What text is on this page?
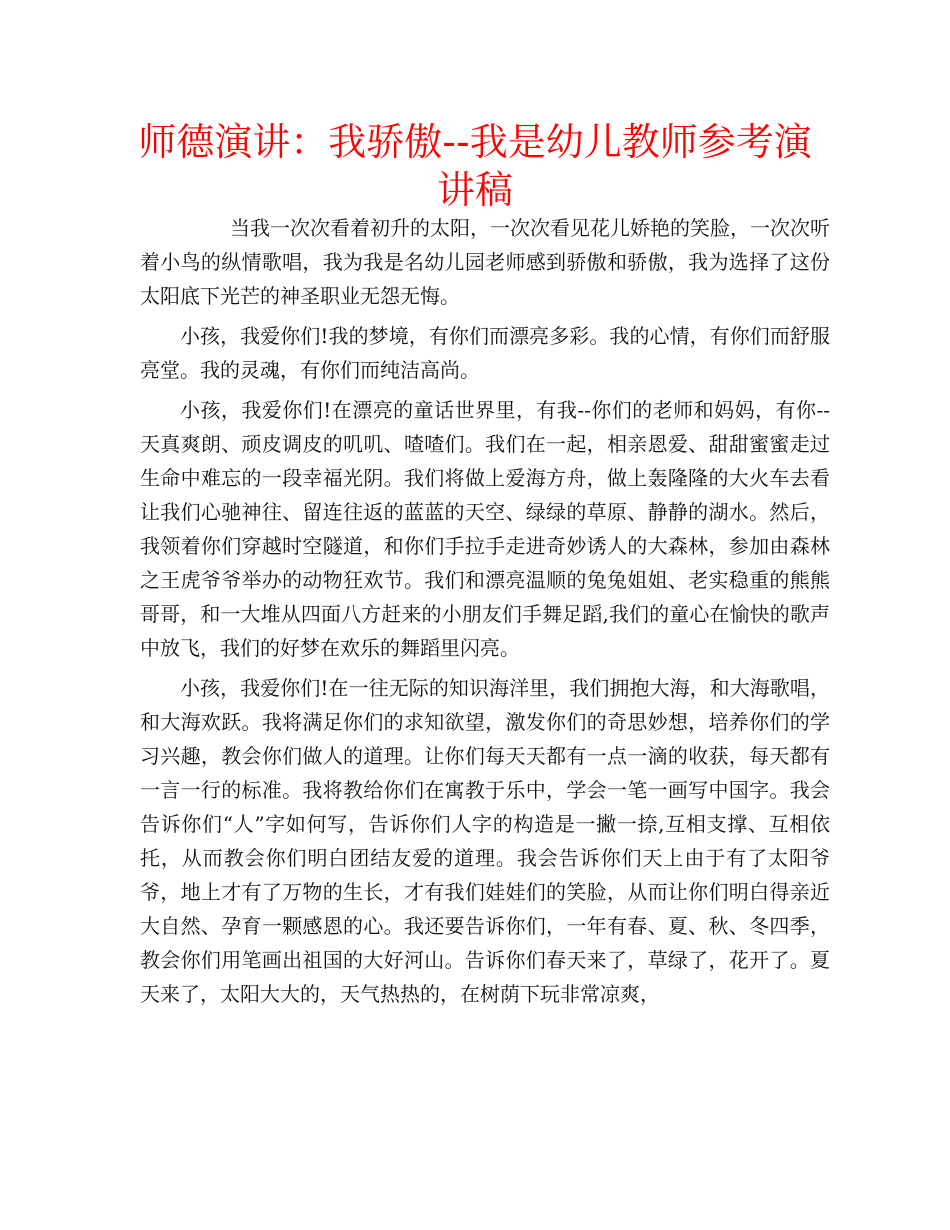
师德演讲：我骄傲--我是幼儿教师参考演讲稿

当我一次次看着初升的太阳，一次次看见花儿娇艳的笑脸，一次次听着小鸟的纵情歌唱，我为我是名幼儿园老师感到骄傲和骄傲，我为选择了这份太阳底下光芒的神圣职业无怨无悔。

小孩，我爱你们!我的梦境，有你们而漂亮多彩。我的心情，有你们而舒服亮堂。我的灵魂，有你们而纯洁高尚。

小孩，我爱你们!在漂亮的童话世界里，有我--你们的老师和妈妈，有你--天真爽朗、顽皮调皮的叽叽、喳喳们。我们在一起，相亲恩爱、甜甜蜜蜜走过生命中难忘的一段幸福光阴。我们将做上爱海方舟，做上轰隆隆的大火车去看让我们心驰神往、留连往返的蓝蓝的天空、绿绿的草原、静静的湖水。然后，我领着你们穿越时空隧道，和你们手拉手走进奇妙诱人的大森林，参加由森林之王虎爷爷举办的动物狂欢节。我们和漂亮温顺的兔兔姐姐、老实稳重的熊熊哥哥，和一大堆从四面八方赶来的小朋友们手舞足蹈,我们的童心在愉快的歌声中放飞，我们的好梦在欢乐的舞蹈里闪亮。

小孩，我爱你们!在一往无际的知识海洋里，我们拥抱大海，和大海歌唱，和大海欢跃。我将满足你们的求知欲望，激发你们的奇思妙想，培养你们的学习兴趣，教会你们做人的道理。让你们每天天都有一点一滴的收获，每天都有一言一行的标准。我将教给你们在寓教于乐中，学会一笔一画写中国字。我会告诉你们“人”字如何写，告诉你们人字的构造是一撇一捺,互相支撑、互相依托，从而教会你们明白团结友爱的道理。我会告诉你们天上由于有了太阳爷爷，地上才有了万物的生长，才有我们娃娃们的笑脸，从而让你们明白得亲近大自然、孕育一颗感恩的心。我还要告诉你们，一年有春、夏、秋、冬四季，教会你们用笔画出祖国的大好河山。告诉你们春天来了，草绿了，花开了。夏天来了，太阳大大的，天气热热的，在树荫下玩非常凉爽，
